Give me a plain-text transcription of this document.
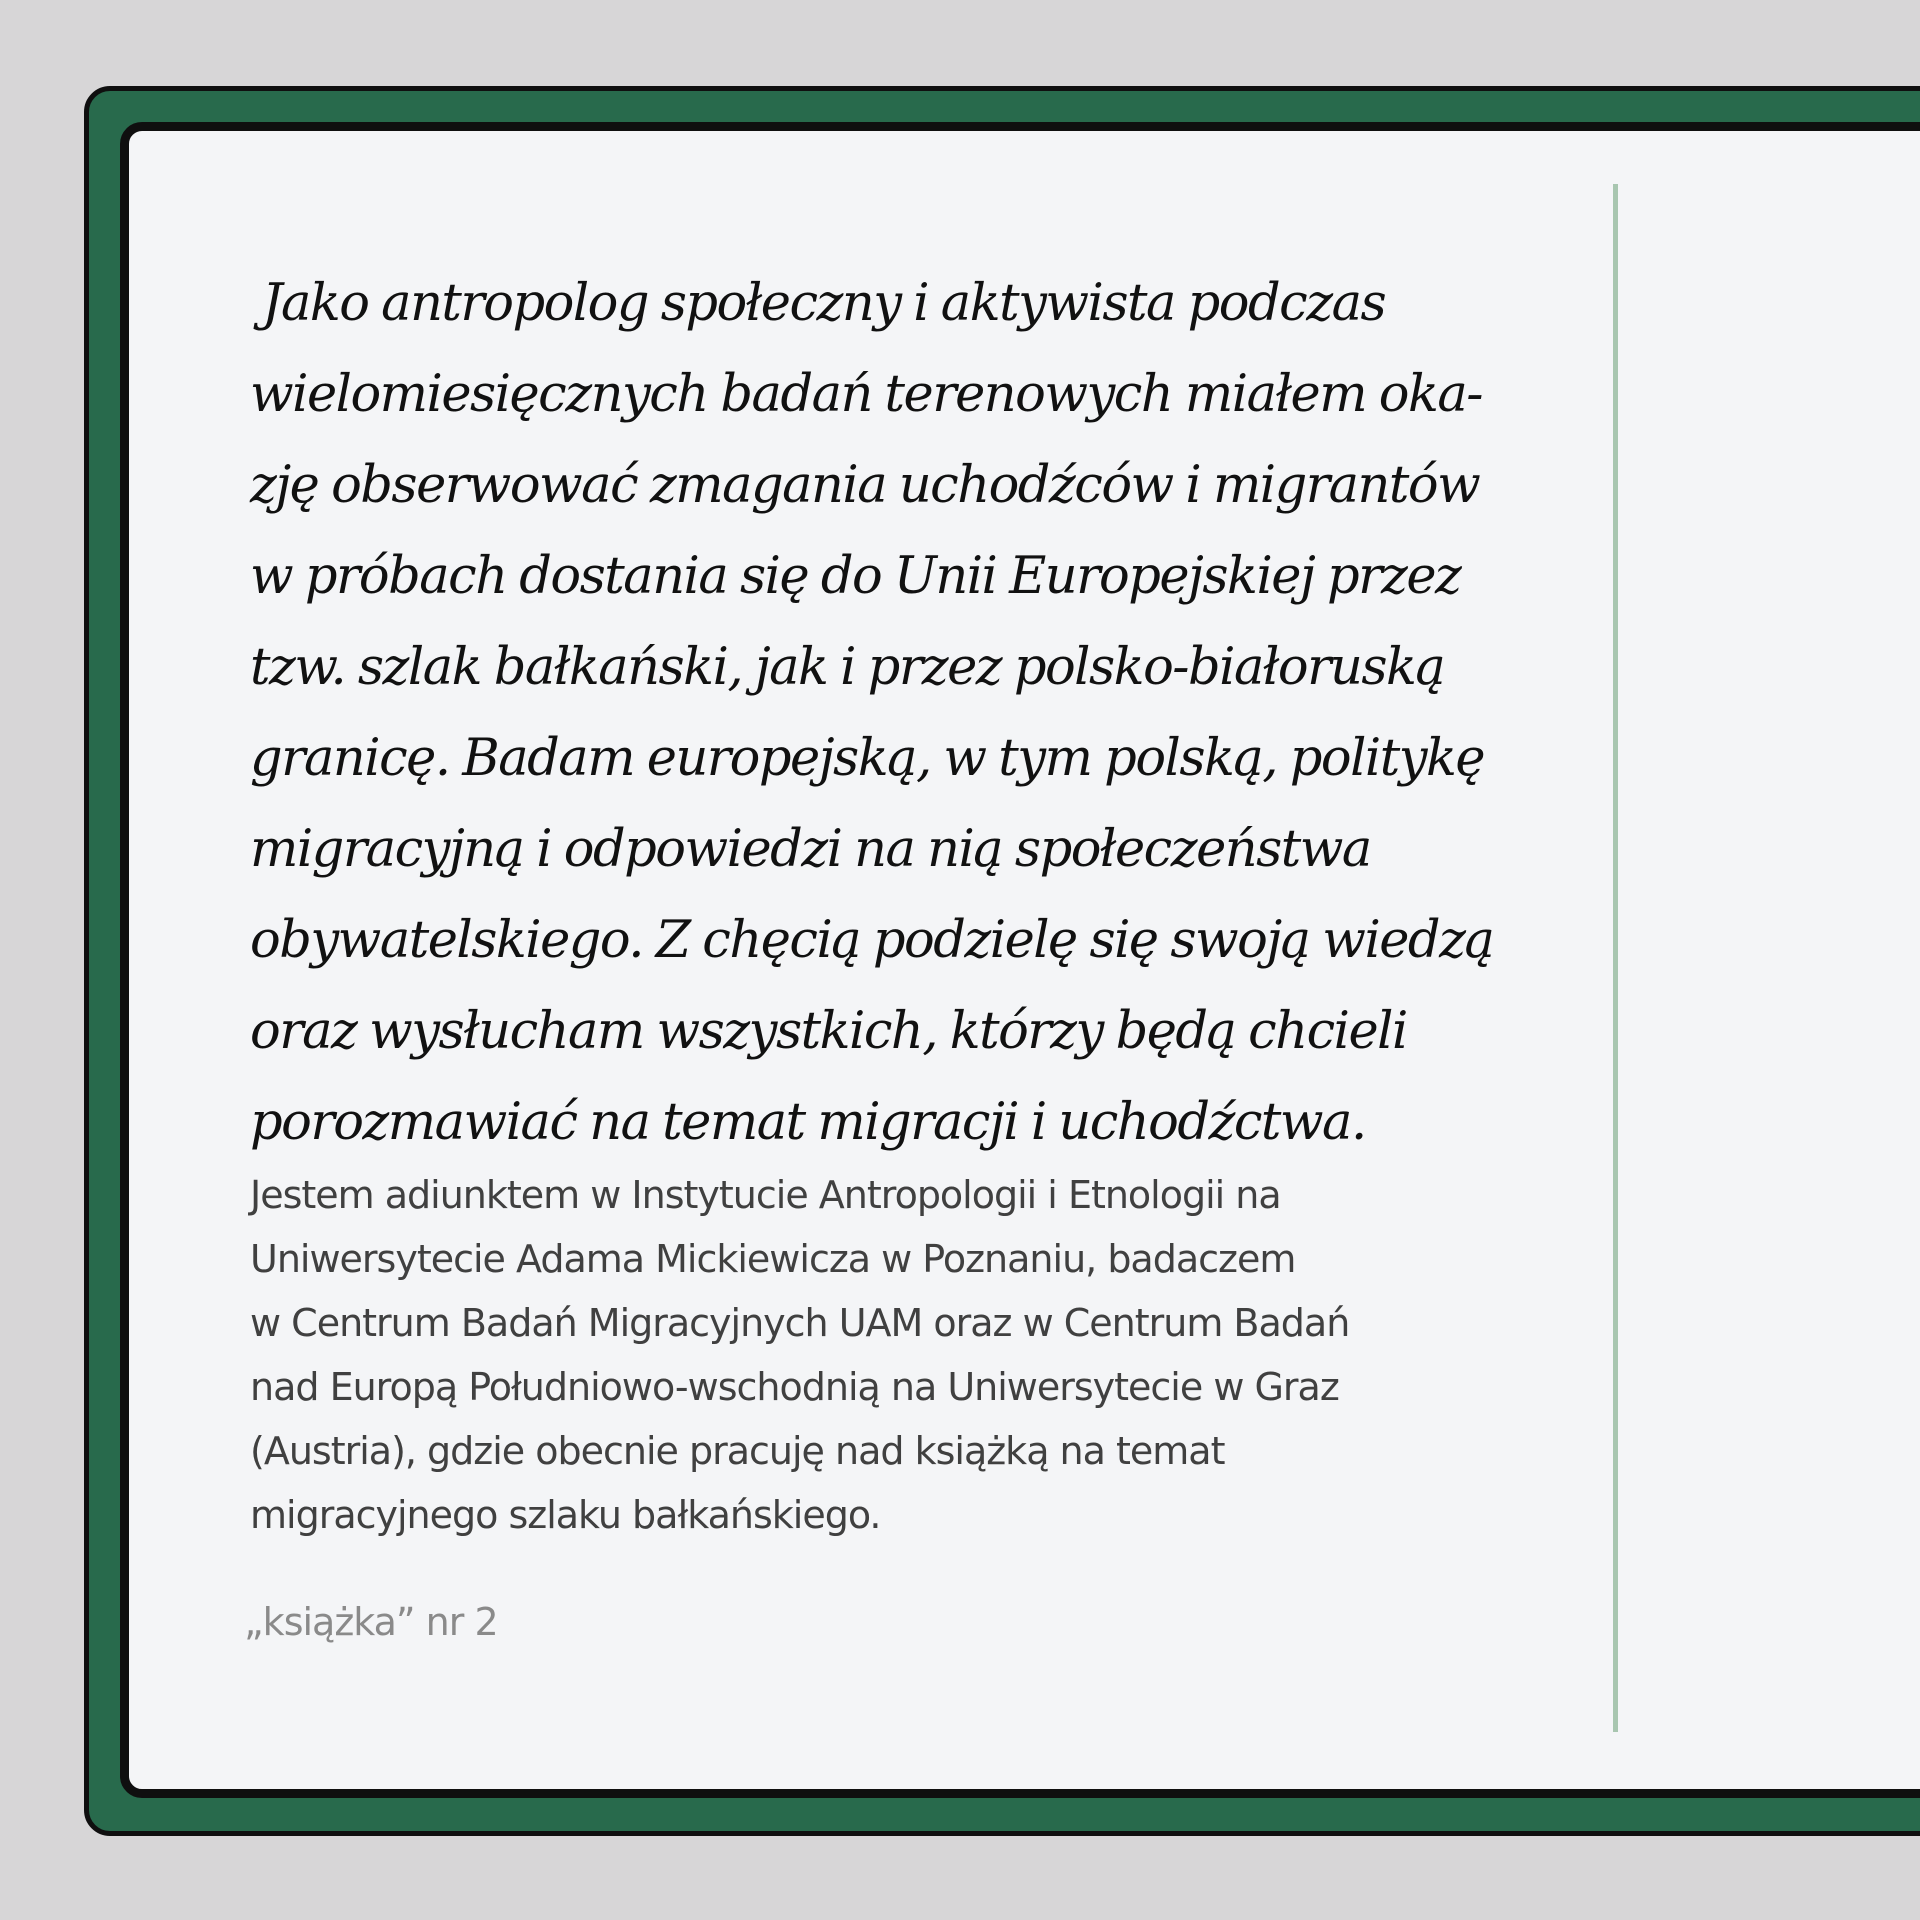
Jako antropolog społeczny i aktywista podczas
wielomiesięcznych badań terenowych miałem oka-
zję obserwować zmagania uchodźców i migrantów
w próbach dostania się do Unii Europejskiej przez
tzw. szlak bałkański, jak i przez polsko-białoruską
granicę. Badam europejską, w tym polską, politykę
migracyjną i odpowiedzi na nią społeczeństwa
obywatelskiego. Z chęcią podzielę się swoją wiedzą
oraz wysłucham wszystkich, którzy będą chcieli
porozmawiać na temat migracji i uchodźctwa.

Jestem adiunktem w Instytucie Antropologii i Etnologii na
Uniwersytecie Adama Mickiewicza w Poznaniu, badaczem
w Centrum Badań Migracyjnych UAM oraz w Centrum Badań
nad Europą Południowo-wschodnią na Uniwersytecie w Graz
(Austria), gdzie obecnie pracuję nad książką na temat
migracyjnego szlaku bałkańskiego.

„książka” nr 2
